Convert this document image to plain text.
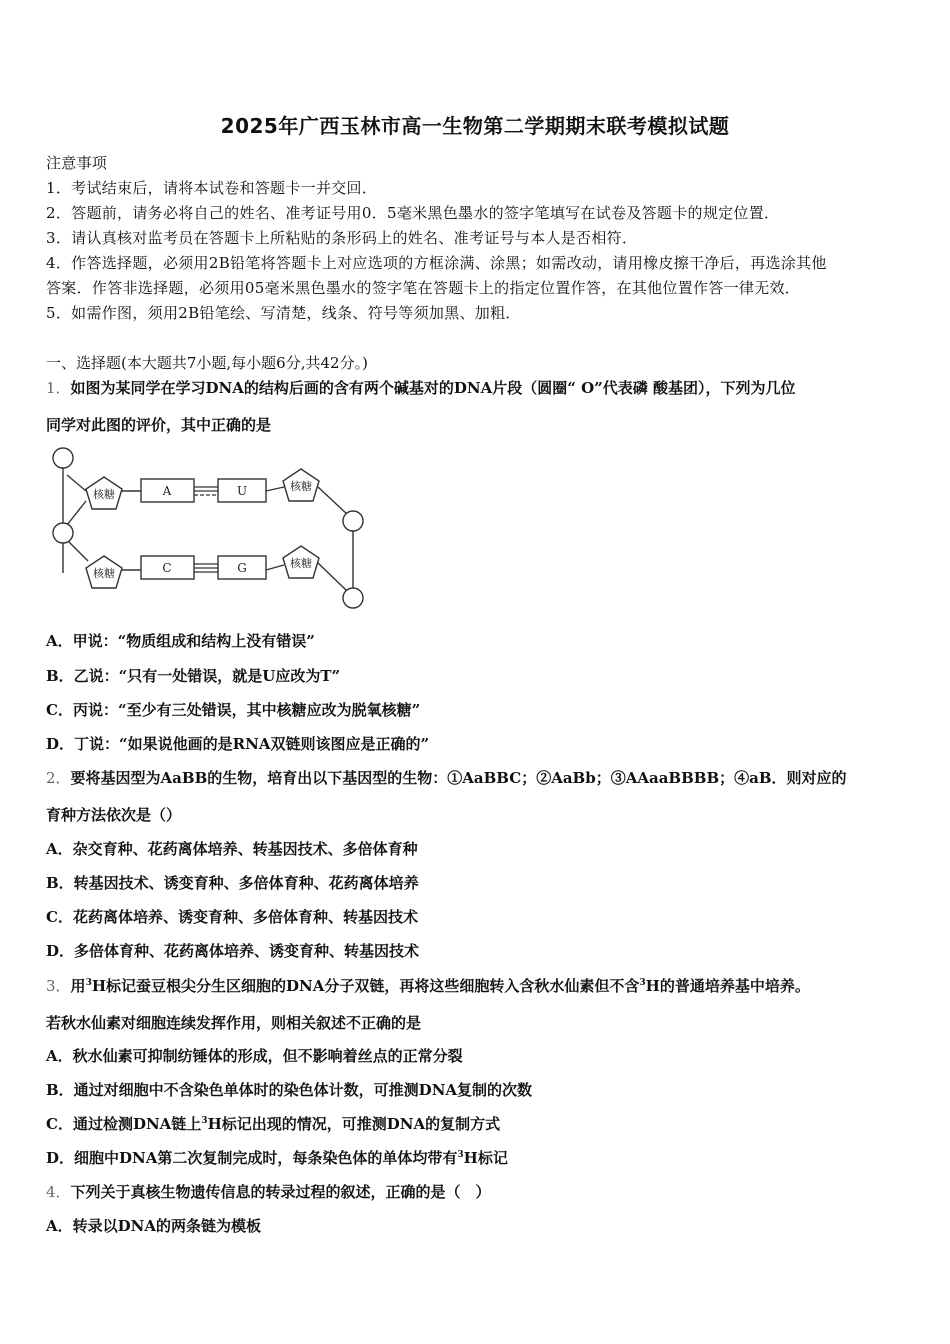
2025年广西玉林市高一生物第二学期期末联考模拟试题
注意事项
1．考试结束后，请将本试卷和答题卡一并交回．
2．答题前，请务必将自己的姓名、准考证号用0．5毫米黑色墨水的签字笔填写在试卷及答题卡的规定位置．
3．请认真核对监考员在答题卡上所粘贴的条形码上的姓名、准考证号与本人是否相符．
4．作答选择题，必须用2B铅笔将答题卡上对应选项的方框涂满、涂黑；如需改动，请用橡皮擦干净后，再选涂其他
答案．作答非选择题，必须用05毫米黑色墨水的签字笔在答题卡上的指定位置作答，在其他位置作答一律无效．
5．如需作图，须用2B铅笔绘、写清楚，线条、符号等须加黑、加粗．
一、选择题(本大题共7小题,每小题6分,共42分。)
1．如图为某同学在学习DNA的结构后画的含有两个碱基对的DNA片段（圆圈“ O”代表磷 酸基团），下列为几位
同学对此图的评价，其中正确的是
核糖
核糖
核糖
核糖
A	U
C	G
A．甲说：“物质组成和结构上没有错误”
B．乙说：“只有一处错误，就是U应改为T”
C．丙说：“至少有三处错误，其中核糖应改为脱氧核糖”
D．丁说：“如果说他画的是RNA双链则该图应是正确的”
2．要将基因型为AaBB的生物，培育出以下基因型的生物：①AaBBC；②AaBb；③AAaaBBBB；④aB．则对应的
育种方法依次是（）
A．杂交育种、花药离体培养、转基因技术、多倍体育种
B．转基因技术、诱变育种、多倍体育种、花药离体培养
C．花药离体培养、诱变育种、多倍体育种、转基因技术
D．多倍体育种、花药离体培养、诱变育种、转基因技术
3．用$^3$H标记蚕豆根尖分生区细胞的DNA分子双链，再将这些细胞转入含秋水仙素但不含$^3$H的普通培养基中培养。
若秋水仙素对细胞连续发挥作用，则相关叙述不正确的是
A．秋水仙素可抑制纺锤体的形成，但不影响着丝点的正常分裂
B．通过对细胞中不含染色单体时的染色体计数，可推测DNA复制的次数
C．通过检测DNA链上$^3$H标记出现的情况，可推测DNA的复制方式
D．细胞中DNA第二次复制完成时，每条染色体的单体均带有$^3$H标记
4．下列关于真核生物遗传信息的转录过程的叙述，正确的是（　）
A．转录以DNA的两条链为模板
